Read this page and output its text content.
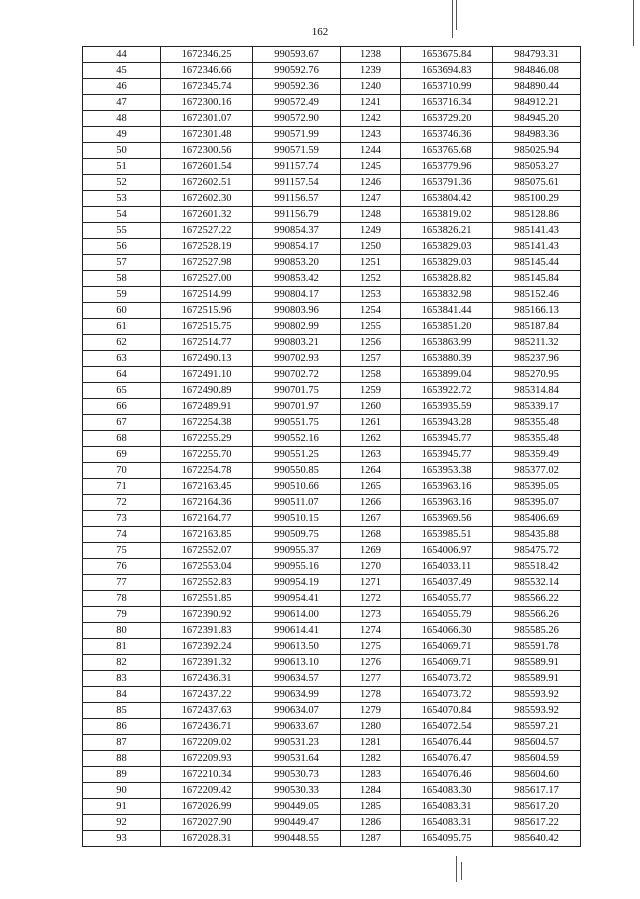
162
44	1672346.25	990593.67	1238	1653675.84	984793.31
45	1672346.66	990592.76	1239	1653694.83	984846.08
46	1672345.74	990592.36	1240	1653710.99	984890.44
47	1672300.16	990572.49	1241	1653716.34	984912.21
48	1672301.07	990572.90	1242	1653729.20	984945.20
49	1672301.48	990571.99	1243	1653746.36	984983.36
50	1672300.56	990571.59	1244	1653765.68	985025.94
51	1672601.54	991157.74	1245	1653779.96	985053.27
52	1672602.51	991157.54	1246	1653791.36	985075.61
53	1672602.30	991156.57	1247	1653804.42	985100.29
54	1672601.32	991156.79	1248	1653819.02	985128.86
55	1672527.22	990854.37	1249	1653826.21	985141.43
56	1672528.19	990854.17	1250	1653829.03	985141.43
57	1672527.98	990853.20	1251	1653829.03	985145.44
58	1672527.00	990853.42	1252	1653828.82	985145.84
59	1672514.99	990804.17	1253	1653832.98	985152.46
60	1672515.96	990803.96	1254	1653841.44	985166.13
61	1672515.75	990802.99	1255	1653851.20	985187.84
62	1672514.77	990803.21	1256	1653863.99	985211.32
63	1672490.13	990702.93	1257	1653880.39	985237.96
64	1672491.10	990702.72	1258	1653899.04	985270.95
65	1672490.89	990701.75	1259	1653922.72	985314.84
66	1672489.91	990701.97	1260	1653935.59	985339.17
67	1672254.38	990551.75	1261	1653943.28	985355.48
68	1672255.29	990552.16	1262	1653945.77	985355.48
69	1672255.70	990551.25	1263	1653945.77	985359.49
70	1672254.78	990550.85	1264	1653953.38	985377.02
71	1672163.45	990510.66	1265	1653963.16	985395.05
72	1672164.36	990511.07	1266	1653963.16	985395.07
73	1672164.77	990510.15	1267	1653969.56	985406.69
74	1672163.85	990509.75	1268	1653985.51	985435.88
75	1672552.07	990955.37	1269	1654006.97	985475.72
76	1672553.04	990955.16	1270	1654033.11	985518.42
77	1672552.83	990954.19	1271	1654037.49	985532.14
78	1672551.85	990954.41	1272	1654055.77	985566.22
79	1672390.92	990614.00	1273	1654055.79	985566.26
80	1672391.83	990614.41	1274	1654066.30	985585.26
81	1672392.24	990613.50	1275	1654069.71	985591.78
82	1672391.32	990613.10	1276	1654069.71	985589.91
83	1672436.31	990634.57	1277	1654073.72	985589.91
84	1672437.22	990634.99	1278	1654073.72	985593.92
85	1672437.63	990634.07	1279	1654070.84	985593.92
86	1672436.71	990633.67	1280	1654072.54	985597.21
87	1672209.02	990531.23	1281	1654076.44	985604.57
88	1672209.93	990531.64	1282	1654076.47	985604.59
89	1672210.34	990530.73	1283	1654076.46	985604.60
90	1672209.42	990530.33	1284	1654083.30	985617.17
91	1672026.99	990449.05	1285	1654083.31	985617.20
92	1672027.90	990449.47	1286	1654083.31	985617.22
93	1672028.31	990448.55	1287	1654095.75	985640.42
